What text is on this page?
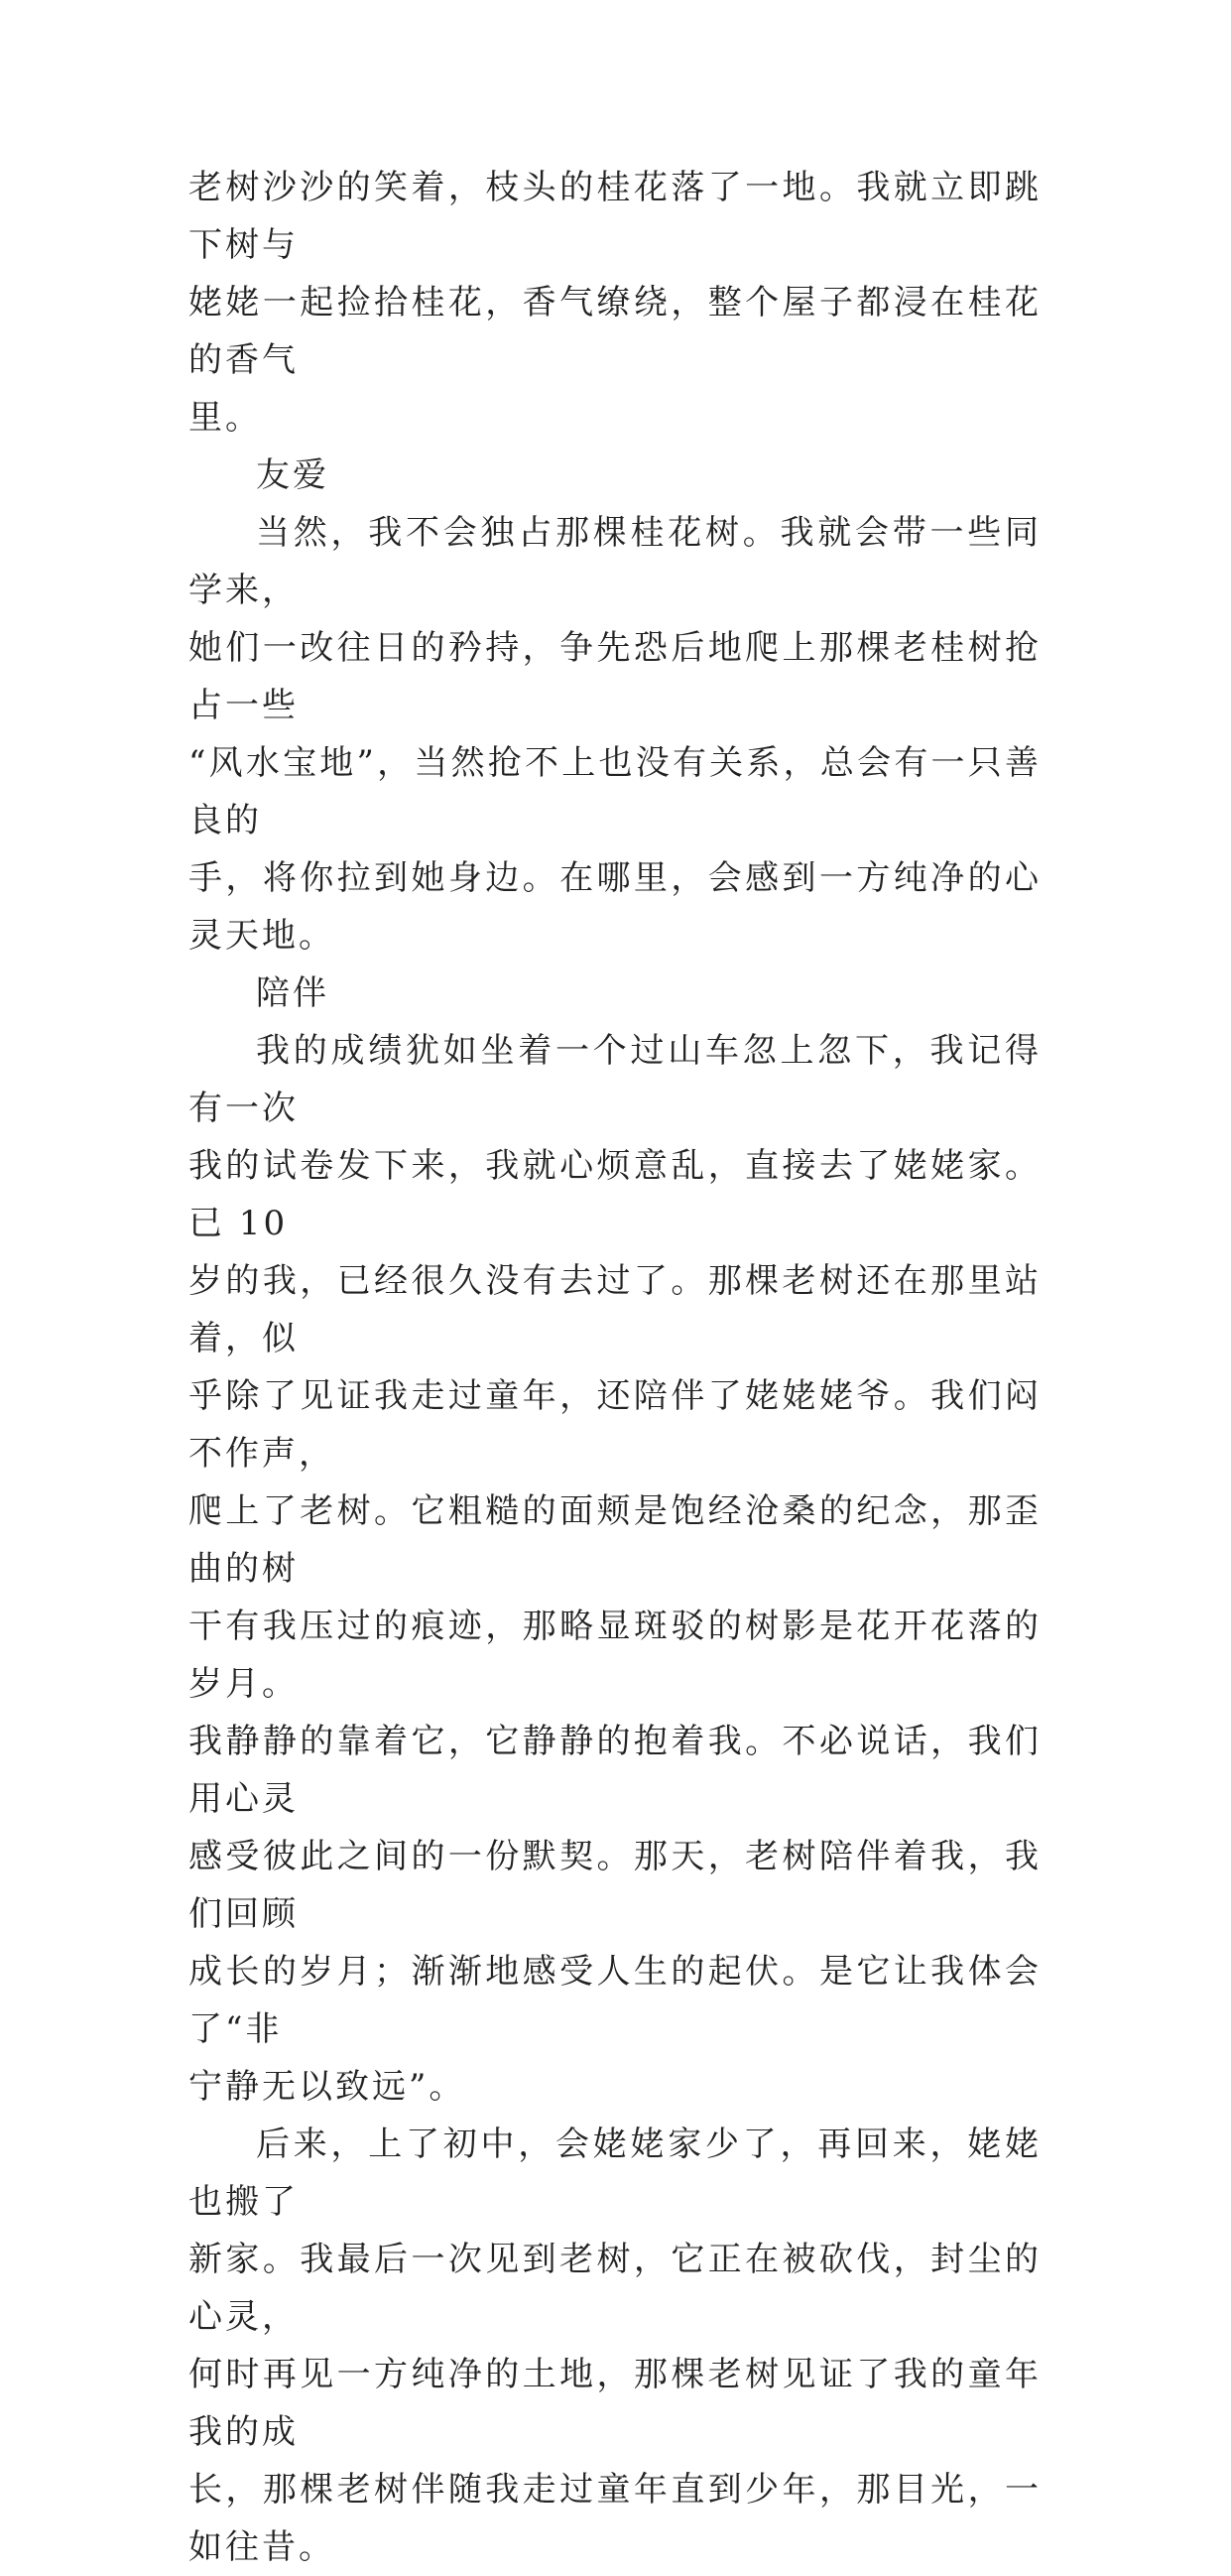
老树沙沙的笑着，枝头的桂花落了一地。我就立即跳下树与
姥姥一起捡拾桂花，香气缭绕，整个屋子都浸在桂花的香气
里。

友爱

当然，我不会独占那棵桂花树。我就会带一些同学来，
她们一改往日的矜持，争先恐后地爬上那棵老桂树抢占一些
“风水宝地”，当然抢不上也没有关系，总会有一只善良的
手，将你拉到她身边。在哪里，会感到一方纯净的心灵天地。

陪伴

我的成绩犹如坐着一个过山车忽上忽下，我记得有一次
我的试卷发下来，我就心烦意乱，直接去了姥姥家。已 10
岁的我，已经很久没有去过了。那棵老树还在那里站着，似
乎除了见证我走过童年，还陪伴了姥姥姥爷。我们闷不作声，
爬上了老树。它粗糙的面颊是饱经沧桑的纪念，那歪曲的树
干有我压过的痕迹，那略显斑驳的树影是花开花落的岁月。
我静静的靠着它，它静静的抱着我。不必说话，我们用心灵
感受彼此之间的一份默契。那天，老树陪伴着我，我们回顾
成长的岁月；渐渐地感受人生的起伏。是它让我体会了“非
宁静无以致远”。

后来，上了初中，会姥姥家少了，再回来，姥姥也搬了
新家。我最后一次见到老树，它正在被砍伐，封尘的心灵，
何时再见一方纯净的土地，那棵老树见证了我的童年我的成
长，那棵老树伴随我走过童年直到少年，那目光，一如往昔。
